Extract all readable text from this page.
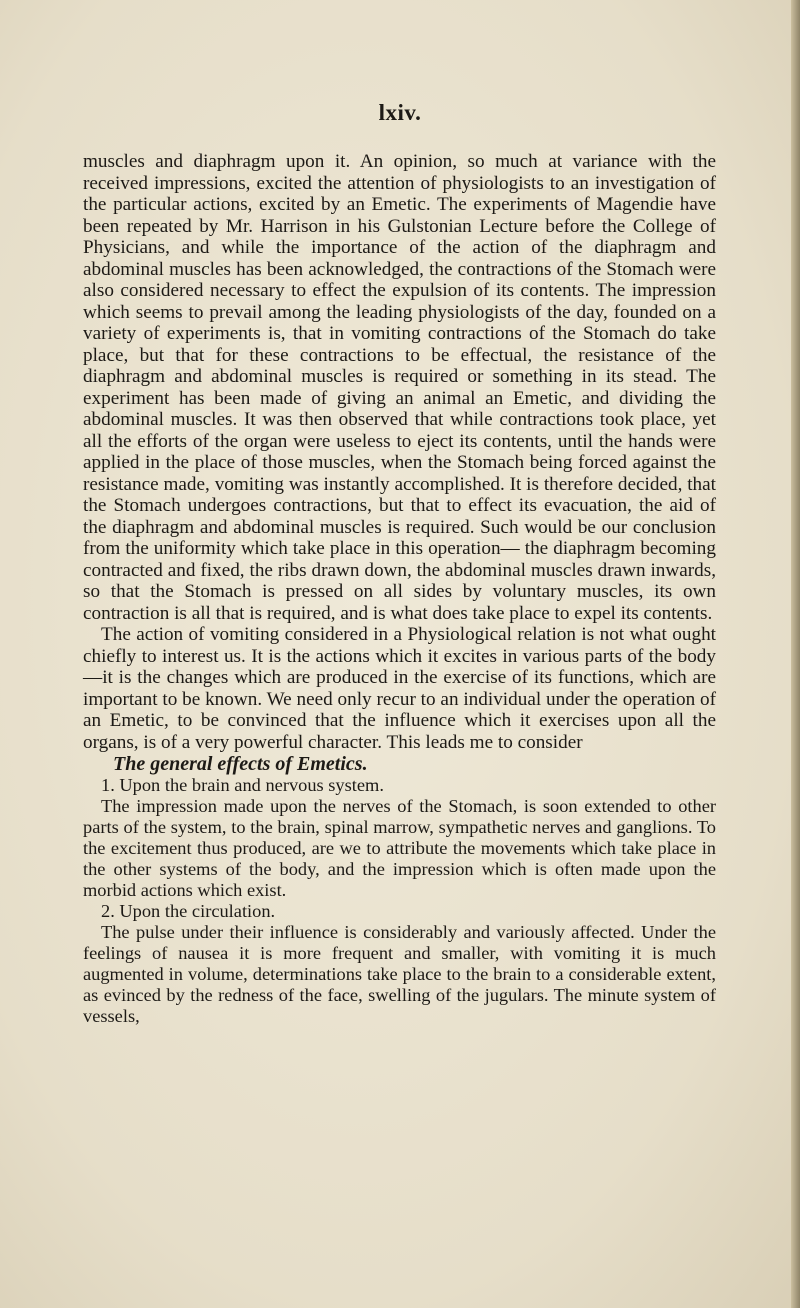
lxiv.

muscles and diaphragm upon it. An opinion, so much at variance with the received impressions, excited the attention of physiologists to an investigation of the particular actions, excited by an Emetic. The experiments of Magendie have been repeated by Mr. Harrison in his Gulstonian Lecture before the College of Physicians, and while the importance of the action of the diaphragm and abdominal muscles has been acknowledged, the contractions of the Stomach were also considered necessary to effect the expulsion of its contents. The impression which seems to prevail among the leading physiologists of the day, founded on a variety of experiments is, that in vomiting contractions of the Stomach do take place, but that for these contractions to be effectual, the resistance of the diaphragm and abdominal muscles is required or something in its stead. The experiment has been made of giving an animal an Emetic, and dividing the abdominal muscles. It was then observed that while contractions took place, yet all the efforts of the organ were useless to eject its contents, until the hands were applied in the place of those muscles, when the Stomach being forced against the resistance made, vomiting was instantly accomplished. It is therefore decided, that the Stomach undergoes contractions, but that to effect its evacuation, the aid of the diaphragm and abdominal muscles is required. Such would be our conclusion from the uniformity which take place in this operation— the diaphragm becoming contracted and fixed, the ribs drawn down, the abdominal muscles drawn inwards, so that the Stomach is pressed on all sides by voluntary muscles, its own contraction is all that is required, and is what does take place to expel its contents.

The action of vomiting considered in a Physiological relation is not what ought chiefly to interest us. It is the actions which it excites in various parts of the body—it is the changes which are produced in the exercise of its functions, which are important to be known. We need only recur to an individual under the operation of an Emetic, to be convinced that the influence which it exercises upon all the organs, is of a very powerful character. This leads me to consider

The general effects of Emetics.

1. Upon the brain and nervous system.

The impression made upon the nerves of the Stomach, is soon extended to other parts of the system, to the brain, spinal marrow, sympathetic nerves and ganglions. To the excitement thus produced, are we to attribute the movements which take place in the other systems of the body, and the impression which is often made upon the morbid actions which exist.

2. Upon the circulation.

The pulse under their influence is considerably and variously affected. Under the feelings of nausea it is more frequent and smaller, with vomiting it is much augmented in volume, determinations take place to the brain to a considerable extent, as evinced by the redness of the face, swelling of the jugulars. The minute system of vessels,
